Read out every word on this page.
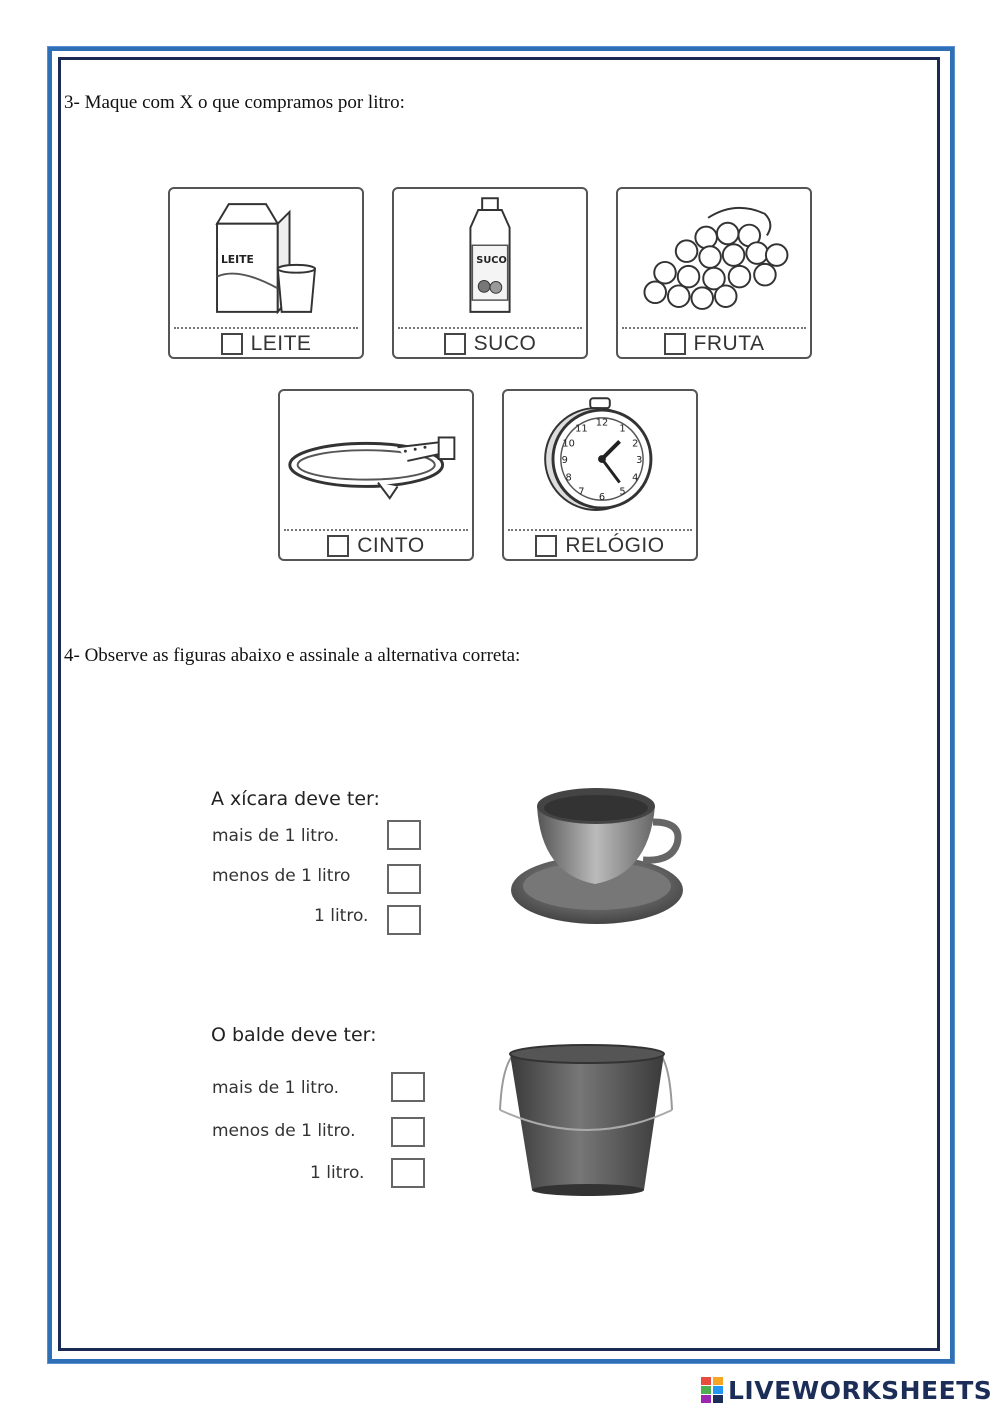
3- Maque com X o que compramos por litro:
LEITE
LEITE
SUCO
SUCO	FRUTA
CINTO
12
1
2
3
4
5
6
7
8
9
10
11
RELÓGIO
4- Observe as figuras abaixo e assinale a alternativa correta:
A xícara deve ter:
mais de 1 litro.
menos de 1 litro
1 litro.
O balde deve ter:
mais de 1 litro.
menos de 1 litro.
1 litro.
LIVEWORKSHEETS
